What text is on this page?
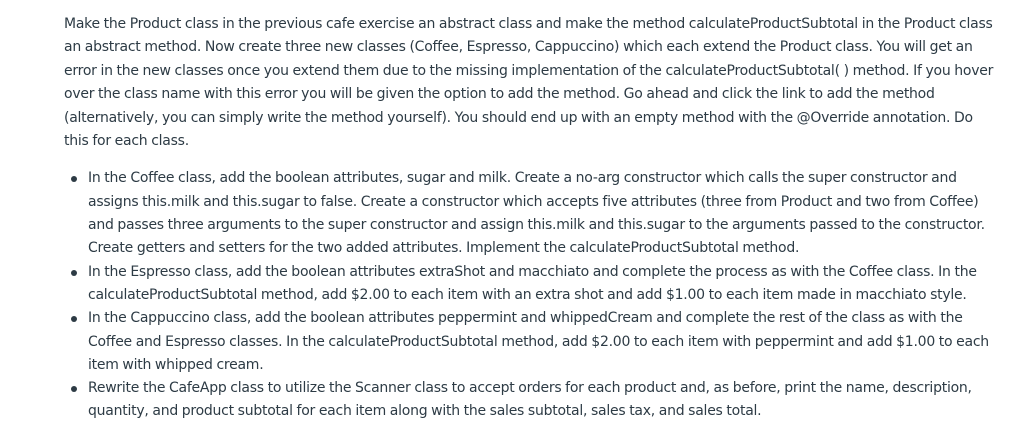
Make the Product class in the previous cafe exercise an abstract class and make the method calculateProductSubtotal in the Product class an abstract method. Now create three new classes (Coffee, Espresso, Cappuccino) which each extend the Product class. You will get an error in the new classes once you extend them due to the missing implementation of the calculateProductSubtotal( ) method. If you hover over the class name with this error you will be given the option to add the method. Go ahead and click the link to add the method (alternatively, you can simply write the method yourself). You should end up with an empty method with the @Override annotation. Do this for each class.

In the Coffee class, add the boolean attributes, sugar and milk. Create a no-arg constructor which calls the super constructor and assigns this.milk and this.sugar to false. Create a constructor which accepts five attributes (three from Product and two from Coffee) and passes three arguments to the super constructor and assign this.milk and this.sugar to the arguments passed to the constructor. Create getters and setters for the two added attributes. Implement the calculateProductSubtotal method.
In the Espresso class, add the boolean attributes extraShot and macchiato and complete the process as with the Coffee class. In the calculateProductSubtotal method, add $2.00 to each item with an extra shot and add $1.00 to each item made in macchiato style.
In the Cappuccino class, add the boolean attributes peppermint and whippedCream and complete the rest of the class as with the Coffee and Espresso classes. In the calculateProductSubtotal method, add $2.00 to each item with peppermint and add $1.00 to each item with whipped cream.
Rewrite the CafeApp class to utilize the Scanner class to accept orders for each product and, as before, print the name, description, quantity, and product subtotal for each item along with the sales subtotal, sales tax, and sales total.
